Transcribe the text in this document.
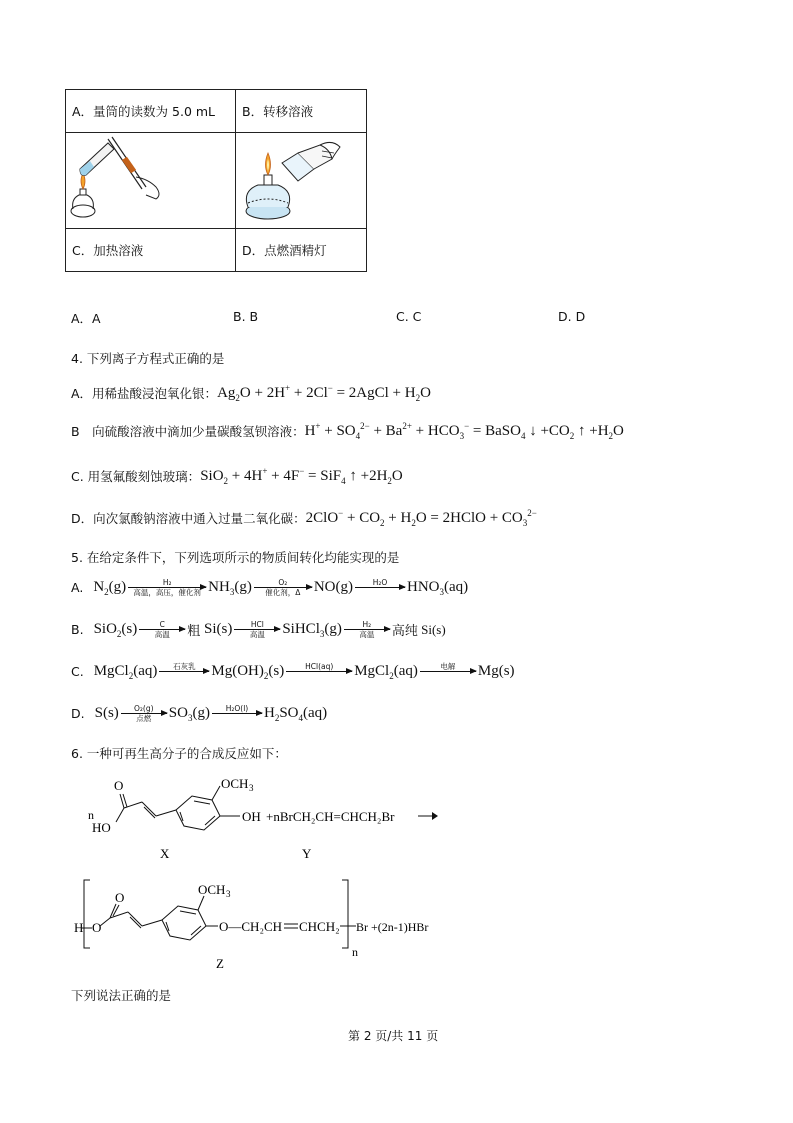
A．量筒的读数为 5.0 mL	B．转移溶液

C．加热溶液	D．点燃酒精灯
A．A	B. B	C. C	D. D
4. 下列离子方程式正确的是
A．用稀盐酸浸泡氧化银： $Ag_2O + 2H^+ + 2Cl^-$ = 2AgCl + $H_2O$
B　向硫酸溶液中滴加少量碳酸氢钡溶液： $H^+ + SO_4^{2-} + Ba^{2+} + HCO_3^-$ = BaSO$_4$ ↓ $+CO_2$ ↑ $+H_2O$
C. 用氢氟酸刻蚀玻璃： SiO$_2$ + 4H+ + 4F− = SiF$_4$ ↑ $+2H_2O$
D．向次氯酸钠溶液中通入过量二氧化碳： $2ClO^- + CO_2 + H_2O$ = 2HClO + $CO_3^{2-}$
5. 在给定条件下，下列选项所示的物质间转化均能实现的是
A. $N_2(g)$	H₂
高温，高压，催化剂 $NH_3(g)$	O₂
催化剂，Δ NO(g)	H₂O
	$HNO_3(aq)$
B. SiO$_2$(s)	C
高温	粗 Si(s)	HCl
高温	SiHCl$_3$(g)	H₂
高温	高纯 Si(s)
C. MgCl$_2$(aq)	石灰乳
	$Mg(OH)_2(s)$	HCl(aq)
	MgCl$_2$(aq)	电解
	Mg(s)
D. S(s)	O₂(g)
点燃	$SO_3(g)$	H₂O(l)
	$H_2SO_4(aq)$
6. 一种可再生高分子的合成反应如下：
n
HO
O	OCH 3
OH +nBrCH₂CH=CHCH₂Br
X	Y
H O
O
OCH 3
O—CH₂CH CHCH₂
n
Br +(2n-1)HBr
Z
下列说法正确的是
第 2 页/共 11 页
